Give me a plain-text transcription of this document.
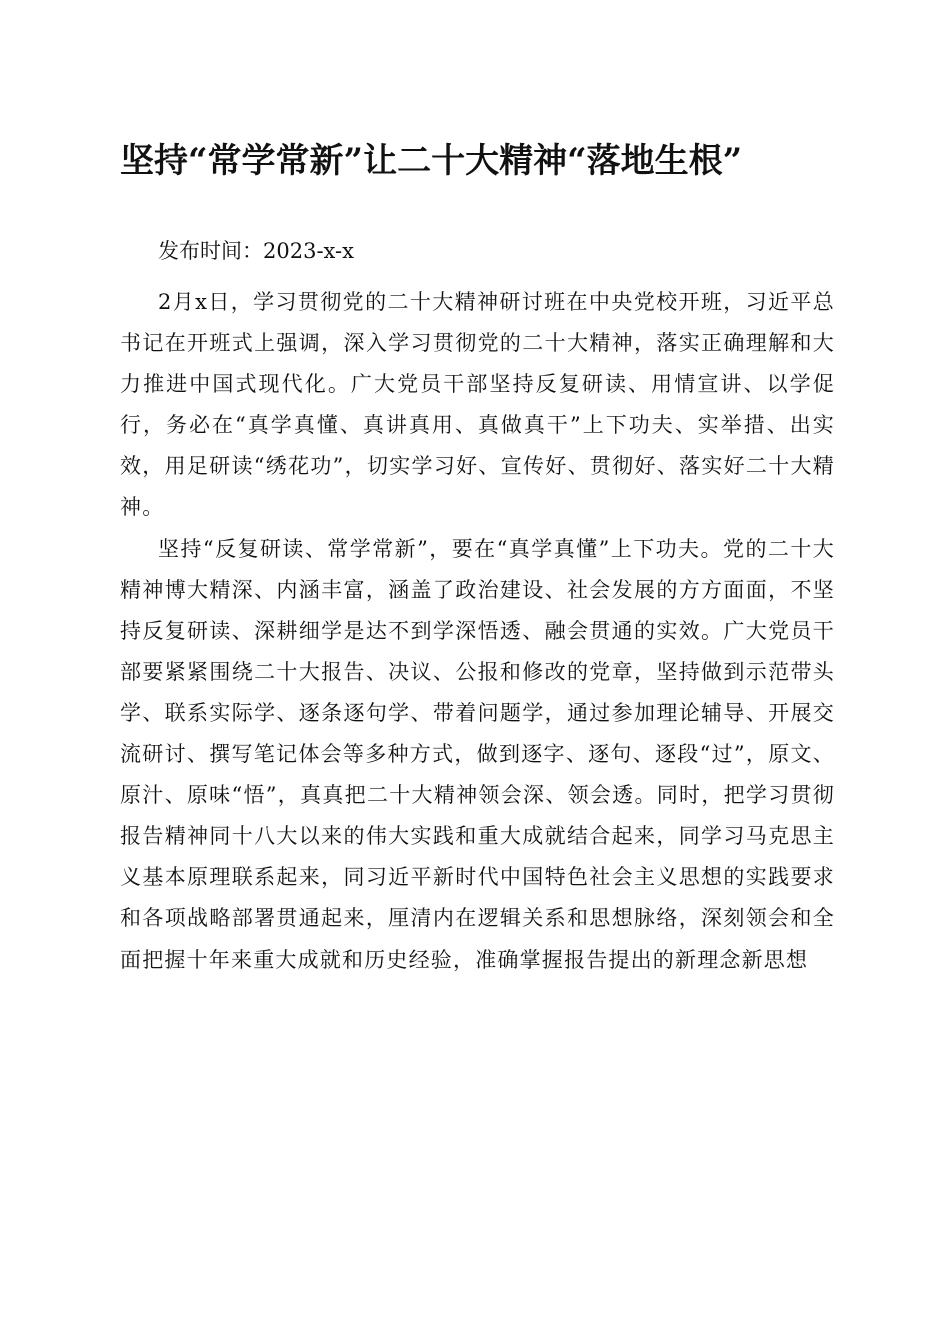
坚持“常学常新”让二十大精神“落地生根”

发布时间：2023-x-x

2月x日，学习贯彻党的二十大精神研讨班在中央党校开班，习近平总书记在开班式上强调，深入学习贯彻党的二十大精神，落实正确理解和大力推进中国式现代化。广大党员干部坚持反复研读、用情宣讲、以学促行，务必在“真学真懂、真讲真用、真做真干”上下功夫、实举措、出实效，用足研读“绣花功”，切实学习好、宣传好、贯彻好、落实好二十大精神。

坚持“反复研读、常学常新”，要在“真学真懂”上下功夫。党的二十大精神博大精深、内涵丰富，涵盖了政治建设、社会发展的方方面面，不坚持反复研读、深耕细学是达不到学深悟透、融会贯通的实效。广大党员干部要紧紧围绕二十大报告、决议、公报和修改的党章，坚持做到示范带头学、联系实际学、逐条逐句学、带着问题学，通过参加理论辅导、开展交流研讨、撰写笔记体会等多种方式，做到逐字、逐句、逐段“过”，原文、原汁、原味“悟”，真真把二十大精神领会深、领会透。同时，把学习贯彻报告精神同十八大以来的伟大实践和重大成就结合起来，同学习马克思主义基本原理联系起来，同习近平新时代中国特色社会主义思想的实践要求和各项战略部署贯通起来，厘清内在逻辑关系和思想脉络，深刻领会和全面把握十年来重大成就和历史经验，准确掌握报告提出的新理念新思想
